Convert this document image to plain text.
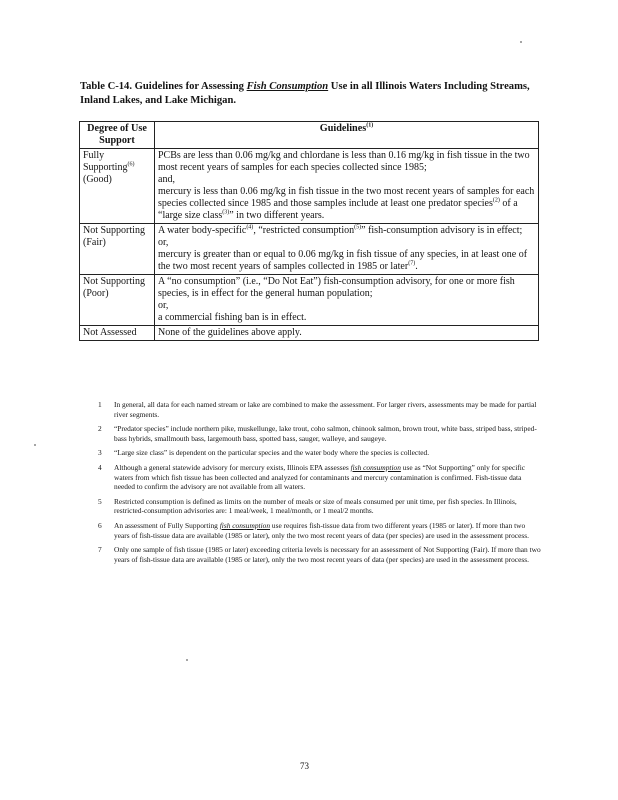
Table C-14. Guidelines for Assessing Fish Consumption Use in all Illinois Waters Including Streams, Inland Lakes, and Lake Michigan.

Degree of Use Support	Guidelines$^{(1)}$
Fully Supporting$^{(6)}$
(Good)	PCBs are less than 0.06 mg/kg and chlordane is less than 0.16 mg/kg in fish tissue in the two most recent years of samples for each species collected since 1985;
and,
mercury is less than 0.06 mg/kg in fish tissue in the two most recent years of samples for each species collected since 1985 and those samples include at least one predator species$^{(2)}$ of a “large size class$^{(3)}$” in two different years.
Not Supporting
(Fair)	A water body-specific$^{(4)}$, “restricted consumption$^{(5)}$” fish-consumption advisory is in effect;
or,
mercury is greater than or equal to 0.06 mg/kg in fish tissue of any species, in at least one of the two most recent years of samples collected in 1985 or later$^{(7)}$.
Not Supporting
(Poor)	A “no consumption” (i.e., “Do Not Eat”) fish-consumption advisory, for one or more fish species, is in effect for the general human population;
or,
a commercial fishing ban is in effect.
Not Assessed	None of the guidelines above apply.
1	In general, all data for each named stream or lake are combined to make the assessment. For larger rivers, assessments may be made for partial river segments.
2	“Predator species” include northern pike, muskellunge, lake trout, coho salmon, chinook salmon, brown trout, white bass, striped bass, striped-bass hybrids, smallmouth bass, largemouth bass, spotted bass, sauger, walleye, and saugeye.
3	“Large size class” is dependent on the particular species and the water body where the species is collected.
4	Although a general statewide advisory for mercury exists, Illinois EPA assesses fish consumption use as “Not Supporting” only for specific waters from which fish tissue has been collected and analyzed for contaminants and mercury contamination is confirmed. Fish-tissue data needed to confirm the advisory are not available from all waters.
5	Restricted consumption is defined as limits on the number of meals or size of meals consumed per unit time, per fish species. In Illinois, restricted-consumption advisories are: 1 meal/week, 1 meal/month, or 1 meal/2 months.
6	An assessment of Fully Supporting fish consumption use requires fish-tissue data from two different years (1985 or later). If more than two years of fish-tissue data are available (1985 or later), only the two most recent years of data (per species) are used in the assessment process.
7	Only one sample of fish tissue (1985 or later) exceeding criteria levels is necessary for an assessment of Not Supporting (Fair). If more than two years of fish-tissue data are available (1985 or later), only the two most recent years of data (per species) are used in the assessment process.
73
